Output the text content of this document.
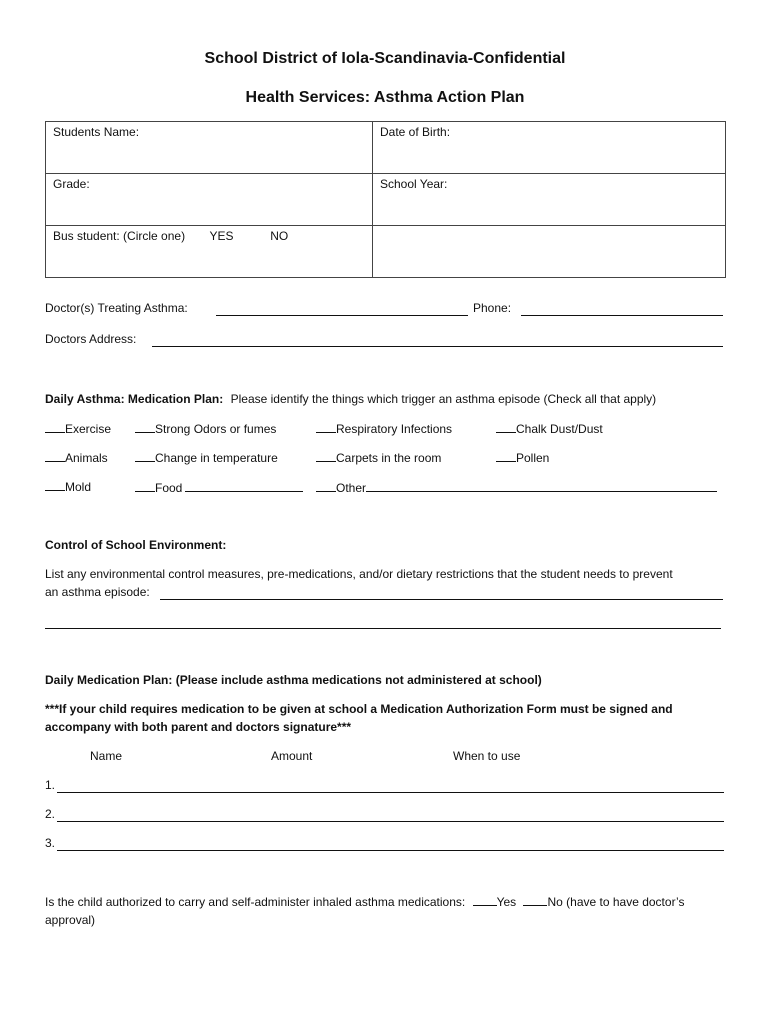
School District of Iola-Scandinavia-Confidential
Health Services: Asthma Action Plan
Students Name:	Date of Birth:
Grade:	School Year:
Bus student: (Circle one) YES NO	
Doctor(s) Treating Asthma:	Phone:
Doctors Address:
Daily Asthma: Medication Plan: Please identify the things which trigger an asthma episode (Check all that apply)
Exercise	Strong Odors or fumes	Respiratory Infections	Chalk Dust/Dust
Animals	Change in temperature	Carpets in the room	Pollen
Mold	Food	Other
Control of School Environment:
List any environmental control measures, pre-medications, and/or dietary restrictions that the student needs to prevent
an asthma episode:
Daily Medication Plan: (Please include asthma medications not administered at school)
***If your child requires medication to be given at school a Medication Authorization Form must be signed and
accompany with both parent and doctors signature***
Name	Amount	When to use
1.
2.
3.
Is the child authorized to carry and self-administer inhaled asthma medications:	Yes	No (have to have doctor’s
approval)
